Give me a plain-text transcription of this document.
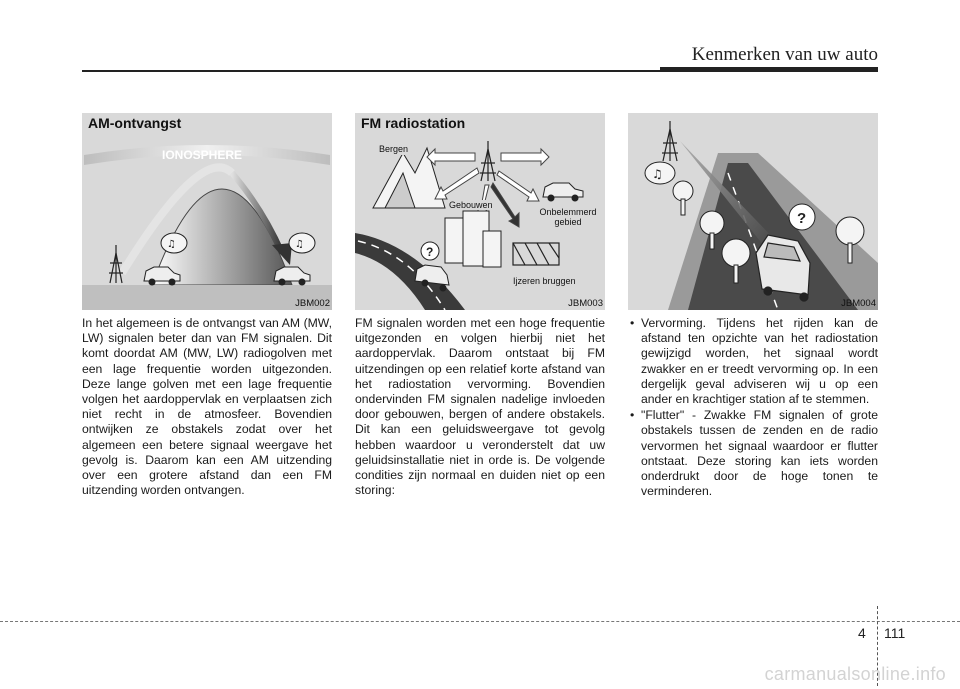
Kenmerken van uw auto
♫	♫
IONOSPHERE
AM-ontvangst
JBM002
?
FM radiostation
Bergen
Gebouwen
Onbelemmerd gebied
Ijzeren bruggen
JBM003
♫
?
JBM004

In het algemeen is de ontvangst van AM (MW, LW) signalen beter dan van FM signalen. Dit komt doordat AM (MW, LW) radiogolven met een lage frequentie worden uitgezonden. Deze lange golven met een lage frequentie volgen het aardoppervlak en verplaatsen zich niet recht in de atmosfeer. Bovendien ontwijken ze obstakels zodat over het algemeen een betere signaal weergave het gevolg is. Daarom kan een AM uitzending over een grotere afstand dan een FM uitzending worden ontvangen.

FM signalen worden met een hoge frequentie uitgezonden en volgen hierbij niet het aardoppervlak. Daarom ontstaat bij FM uitzendingen op een relatief korte afstand van het radiostation vervorming. Bovendien ondervinden FM signalen nadelige invloeden door gebouwen, bergen of andere obstakels. Dit kan een geluidsweergave tot gevolg hebben waardoor u veronderstelt dat uw geluidsinstallatie niet in orde is. De volgende condities zijn normaal en duiden niet op een storing:

• Vervorming. Tijdens het rijden kan de afstand ten opzichte van het radiostation gewijzigd worden, het signaal wordt zwakker en er treedt vervorming op. In een dergelijk geval adviseren wij u op een ander en krachtiger station af te stemmen.
• "Flutter" - Zwakke FM signalen of grote obstakels tussen de zenden en de radio vervormen het signaal waardoor er flutter ontstaat. Deze storing kan iets worden onderdrukt door de hoge tonen te verminderen.
4 111
carmanualsonline.info
